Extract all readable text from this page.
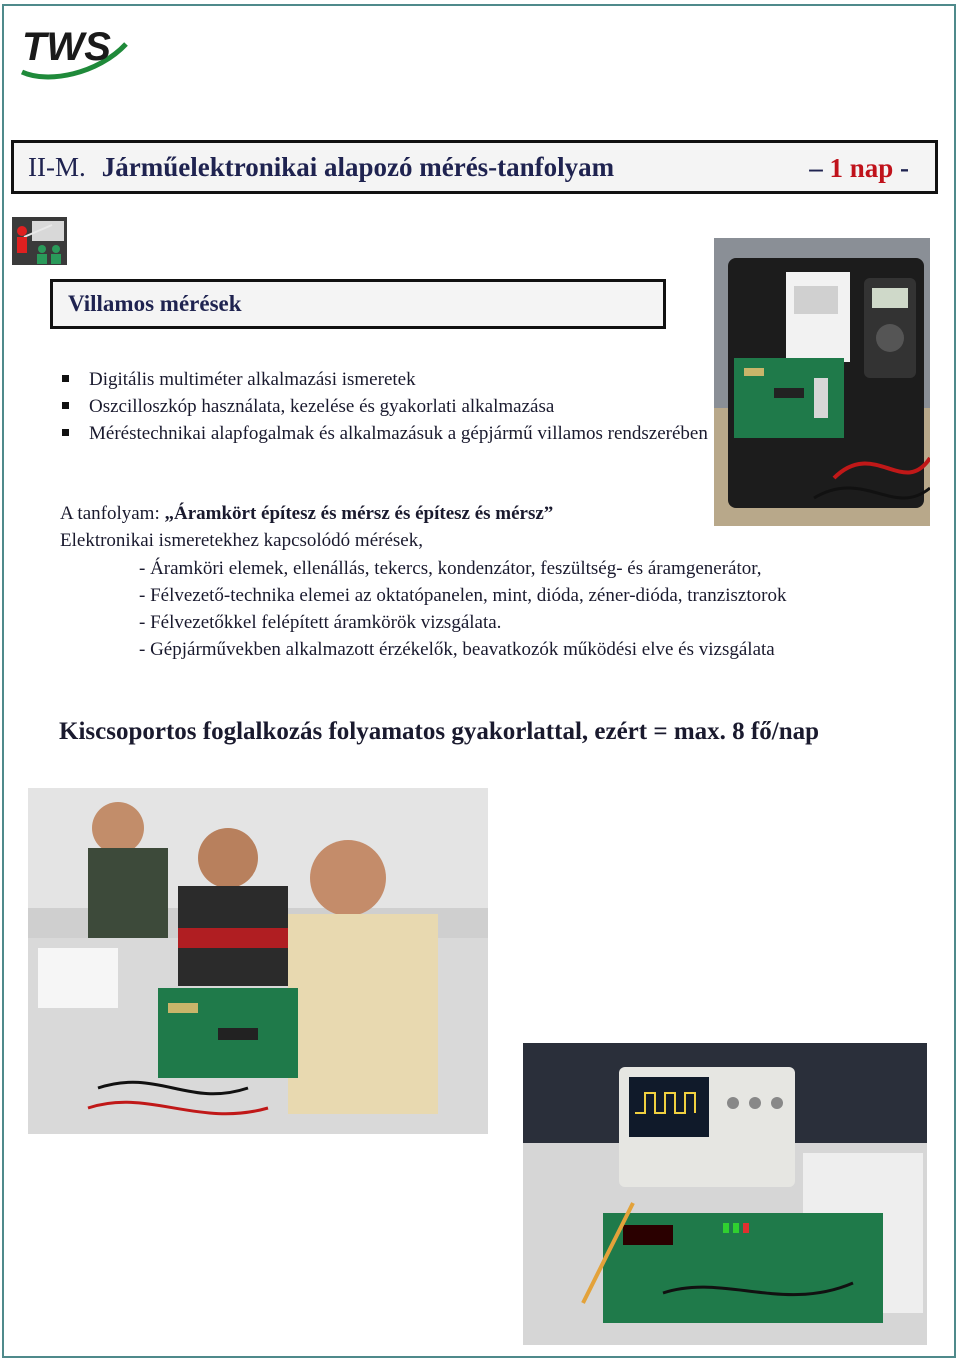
TWS
II-M. Járműelektronikai alapozó mérés-tanfolyam	– 1 nap -
Villamos mérések
Digitális multiméter alkalmazási ismeretek
Oszcilloszkóp használata, kezelése és gyakorlati alkalmazása
Méréstechnikai alapfogalmak és alkalmazásuk a gépjármű villamos rendszerében
A tanfolyam: „Áramkört építesz és mérsz és építesz és mérsz”
Elektronikai ismeretekhez kapcsolódó mérések,
- Áramköri elemek, ellenállás, tekercs, kondenzátor, feszültség- és áramgenerátor,
- Félvezető-technika elemei az oktatópanelen, mint, dióda, zéner-dióda, tranzisztorok
- Félvezetőkkel felépített áramkörök vizsgálata.
- Gépjárművekben alkalmazott érzékelők, beavatkozók működési elve és vizsgálata
Kiscsoportos foglalkozás folyamatos gyakorlattal, ezért = max. 8 fő/nap
